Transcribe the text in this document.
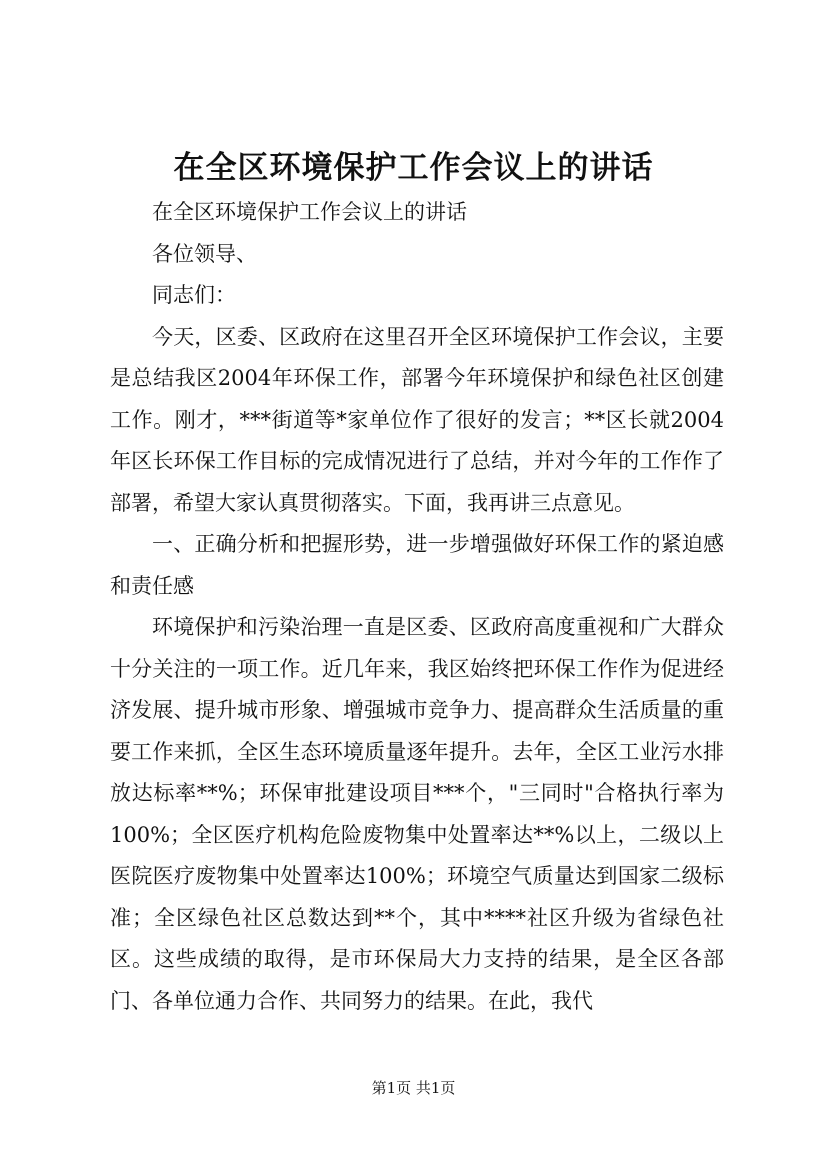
在全区环境保护工作会议上的讲话

在全区环境保护工作会议上的讲话

各位领导、

同志们：

今天，区委、区政府在这里召开全区环境保护工作会议，主要是总结我区2004年环保工作，部署今年环境保护和绿色社区创建工作。刚才，***街道等*家单位作了很好的发言；**区长就2004年区长环保工作目标的完成情况进行了总结，并对今年的工作作了部署，希望大家认真贯彻落实。下面，我再讲三点意见。

一、正确分析和把握形势，进一步增强做好环保工作的紧迫感和责任感

环境保护和污染治理一直是区委、区政府高度重视和广大群众十分关注的一项工作。近几年来，我区始终把环保工作作为促进经济发展、提升城市形象、增强城市竞争力、提高群众生活质量的重要工作来抓，全区生态环境质量逐年提升。去年，全区工业污水排放达标率**%；环保审批建设项目***个，"三同时"合格执行率为100%；全区医疗机构危险废物集中处置率达**%以上，二级以上医院医疗废物集中处置率达100%；环境空气质量达到国家二级标准；全区绿色社区总数达到**个，其中****社区升级为省绿色社区。这些成绩的取得，是市环保局大力支持的结果，是全区各部门、各单位通力合作、共同努力的结果。在此，我代

第1页 共1页
